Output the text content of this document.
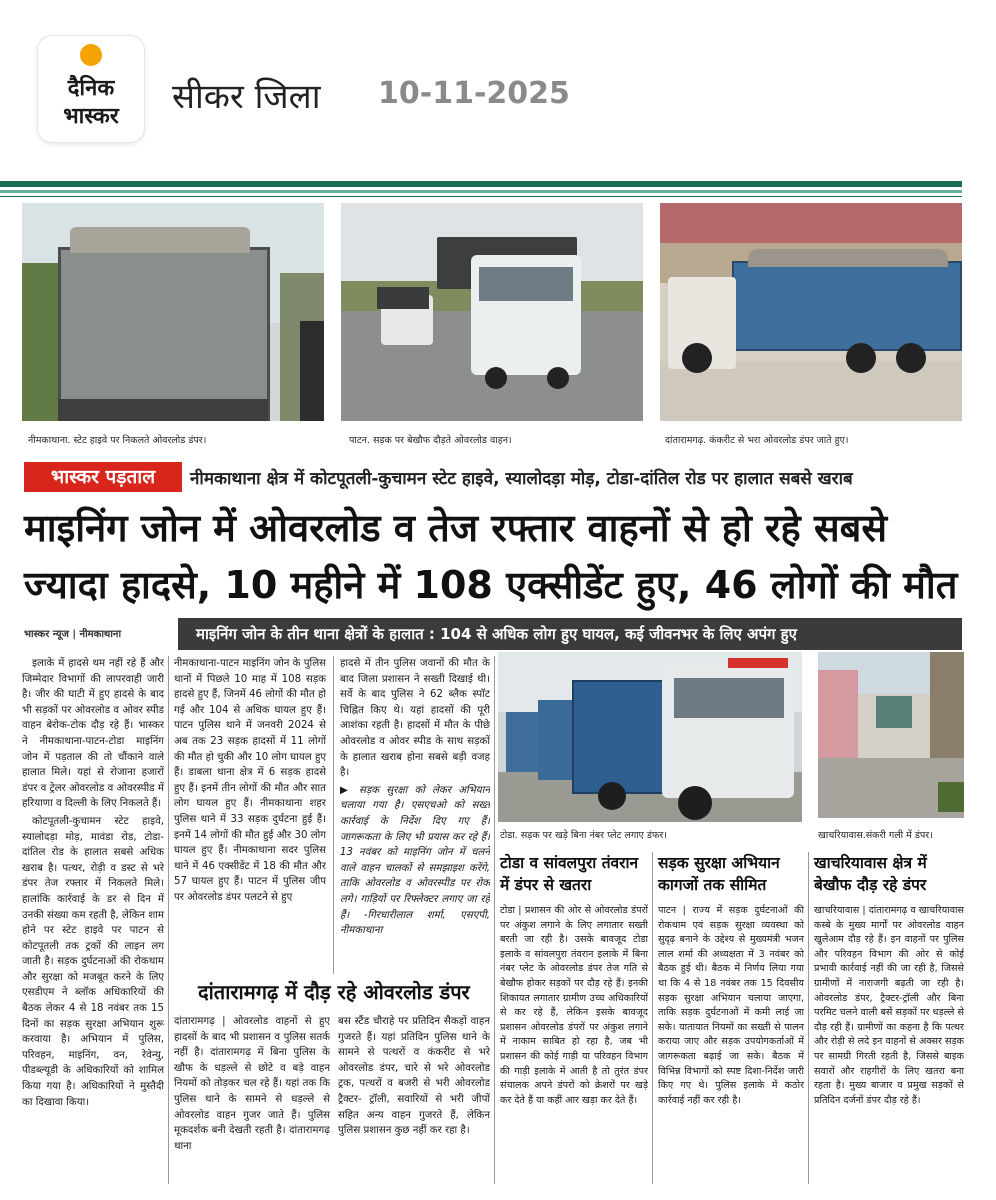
दैनिक
भास्कर	सीकर जिला 10-11-2025
नीमकाथाना. स्टेट हाइवे पर निकलते ओवरलोड डंपर।	पाटन. सड़क पर बेखौफ दौड़ते ओवरलोड वाहन।	दांतारामगढ़. कंकरीट से भरा ओवरलोड डंपर जाते हुए।
भास्कर पड़ताल	नीमकाथाना क्षेत्र में कोटपूतली-कुचामन स्टेट हाइवे, स्यालोदड़ा मोड़, टोडा-दांतिल रोड पर हालात सबसे खराब
माइनिंग जोन में ओवरलोड व तेज रफ्तार वाहनों से हो रहे सबसे ज्यादा हादसे, 10 महीने में 108 एक्सीडेंट हुए, 46 लोगों की मौत
भास्कर न्यूज | नीमकाथाना	माइनिंग जोन के तीन थाना क्षेत्रों के हालात : 104 से अधिक लोग हुए घायल, कई जीवनभर के लिए अपंग हुए

इलाके में हादसे थम नहीं रहे हैं और जिम्मेदार विभागों की लापरवाही जारी है। जीर की घाटी में हुए हादसे के बाद भी सड़कों पर ओवरलोड व ओवर स्पीड वाहन बेरोक-टोक दौड़ रहे हैं। भास्कर ने नीमकाथाना-पाटन-टोडा माइनिंग जोन में पड़ताल की तो चौंकाने वाले हालात मिले। यहां से रोजाना हजारों डंपर व ट्रेलर ओवरलोड व ओवरस्पीड में हरियाणा व दिल्ली के लिए निकलते हैं।

कोटपूतली-कुचामन स्टेट हाइवे, स्यालोदड़ा मोड़, मावंडा रोड, टोडा-दांतिल रोड के हालात सबसे अधिक खराब है। पत्थर, रोड़ी व डस्ट से भरे डंपर तेज रफ्तार में निकलते मिले। हालांकि कार्रवाई के डर से दिन में उनकी संख्या कम रहती है, लेकिन शाम होने पर स्टेट हाइवे पर पाटन से कोटपूतली तक ट्रकों की लाइन लग जाती है। सड़क दुर्घटनाओं की रोकथाम और सुरक्षा को मजबूत करने के लिए एसडीएम ने ब्लॉक अधिकारियों की बैठक लेकर 4 से 18 नवंबर तक 15 दिनों का सड़क सुरक्षा अभियान शुरू करवाया है। अभियान में पुलिस, परिवहन, माइनिंग, वन, रेवेन्यु, पीडब्ल्यूडी के अधिकारियों को शामिल किया गया है। अधिकारियों ने मुस्तैदी का दिखावा किया।

नीमकाथाना-पाटन माइनिंग जोन के पुलिस थानों में पिछले 10 माह में 108 सड़क हादसे हुए हैं, जिनमें 46 लोगों की मौत हो गई और 104 से अधिक घायल हुए हैं। पाटन पुलिस थाने में जनवरी 2024 से अब तक 23 सड़क हादसों में 11 लोगों की मौत हो चुकी और 10 लोग घायल हुए हैं। डाबला थाना क्षेत्र में 6 सड़क हादसे हुए हैं। इनमें तीन लोगों की मौत और सात लोग घायल हुए हैं। नीमकाथाना शहर पुलिस थाने में 33 सड़क दुर्घटना हुई हैं। इनमें 14 लोगों की मौत हुई और 30 लोग घायल हुए हैं। नीमकाथाना सदर पुलिस थाने में 46 एक्सीडेंट में 18 की मौत और 57 घायल हुए हैं। पाटन में पुलिस जीप पर ओवरलोड डंपर पलटने से हुए

हादसे में तीन पुलिस जवानों की मौत के बाद जिला प्रशासन ने सख्ती दिखाई थी। सर्वे के बाद पुलिस ने 62 ब्लैक स्पॉट चिह्नित किए थे। यहां हादसों की पूरी आशंका रहती है। हादसों में मौत के पीछे ओवरलोड व ओवर स्पीड के साथ सड़कों के हालात खराब होना सबसे बड़ी वजह है।

▶ सड़क सुरक्षा को लेकर अभियान चलाया गया है। एसएचओ को सख्त कार्रवाई के निर्देश दिए गए हैं। जागरूकता के लिए भी प्रयास कर रहे हैं। 13 नवंबर को माइनिंग जोन में चलने वाले वाहन चालकों से समझाइश करेंगे, ताकि ओवरलोड व ओवरस्पीड पर रोक लगे। गाड़ियों पर रिफ्लेक्टर लगाए जा रहे हैं। -गिरधारीलाल शर्मा, एसएपी, नीमकाथाना

दांतारामगढ़ में दौड़ रहे ओवरलोड डंपर

दांतारामगढ़ | ओवरलोड वाहनों से हुए हादसों के बाद भी प्रशासन व पुलिस सतर्क नहीं है। दांतारामगढ़ में बिना पुलिस के खौफ के धड़ल्ले से छोटे व बड़े वाहन नियमों को तोड़कर चल रहे हैं। यहां तक कि पुलिस थाने के सामने से धड़ल्ले से ओवरलोड वाहन गुजर जाते हैं। पुलिस मूकदर्शक बनी देखती रहती है। दांतारामगढ़ थाना

बस स्टैंड चौराहे पर प्रतिदिन सैकड़ों वाहन गुजरते हैं। यहां प्रतिदिन पुलिस थाने के सामने से पत्थरों व कंकरीट से भरे ओवरलोड डंपर, चारे से भरे ओवरलोड ट्रक, पत्थरों व बजरी से भरी ओवरलोड ट्रैक्टर- ट्रॉली, सवारियों से भरी जीपों सहित अन्य वाहन गुजरते हैं, लेकिन पुलिस प्रशासन कुछ नहीं कर रहा है।

टोडा. सड़क पर खड़े बिना नंबर प्लेट लगाए डंफर।	खाचरियावास.संकरी गली में डंपर।
टोडा व सांवलपुरा तंवरान में डंपर से खतरा

टोडा | प्रशासन की ओर से ओवरलोड डंपरों पर अंकुश लगाने के लिए लगातार सख्ती बरती जा रही है। उसके बावजूद टोडा इलाके व सांवलपुरा तंवरान इलाके में बिना नंबर प्लेट के ओवरलोड डंपर तेज गति से बेखौफ होकर सड़कों पर दौड़ रहे हैं। इनकी शिकायत लगातार ग्रामीण उच्च अधिकारियों से कर रहे हैं, लेकिन इसके बावजूद प्रशासन ओवरलोड डंपरों पर अंकुश लगाने में नाकाम साबित हो रहा है, जब भी प्रशासन की कोई गाड़ी या परिवहन विभाग की गाड़ी इलाके में आती है तो तुरंत डंपर संचालक अपने डंपरों को क्रेशरों पर खड़े कर देते हैं या कहीं आर खड़ा कर देते हैं।

सड़क सुरक्षा अभियान कागजों तक सीमित

पाटन | राज्य में सड़क दुर्घटनाओं की रोकथाम एवं सड़क सुरक्षा व्यवस्था को सुदृढ़ बनाने के उद्देश्य से मुख्यमंत्री भजन लाल शर्मा की अध्यक्षता में 3 नवंबर को बैठक हुई थी। बैठक में निर्णय लिया गया था कि 4 से 18 नवंबर तक 15 दिवसीय सड़क सुरक्षा अभियान चलाया जाएगा, ताकि सड़क दुर्घटनाओं में कमी लाई जा सके। यातायात नियमों का सख्ती से पालन कराया जाए और सड़क उपयोगकर्ताओं में जागरूकता बढ़ाई जा सके। बैठक में विभिन्न विभागों को स्पष्ट दिशा-निर्देश जारी किए गए थे। पुलिस इलाके में कठोर कार्रवाई नहीं कर रही है।

खाचरियावास क्षेत्र में बेखौफ दौड़ रहे डंपर

खाचरियावास | दांतारामगढ़ व खाचरियावास कस्बे के मुख्य मार्गों पर ओवरलोड वाहन खुलेआम दौड़ रहे हैं। इन वाहनों पर पुलिस और परिवहन विभाग की ओर से कोई प्रभावी कार्रवाई नहीं की जा रही है, जिससे ग्रामीणों में नाराजगी बढ़ती जा रही है। ओवरलोड डंपर, ट्रैक्टर-ट्रॉली और बिना परमिट चलने वाली बसें सड़कों पर धड़ल्ले से दौड़ रही हैं। ग्रामीणों का कहना है कि पत्थर और रोड़ी से लदे इन वाहनों से अक्सर सड़क पर सामग्री गिरती रहती है, जिससे बाइक सवारों और राहगीरों के लिए खतरा बना रहता है। मुख्य बाजार व प्रमुख सड़कों से प्रतिदिन दर्जनों डंपर दौड़ रहे हैं।
